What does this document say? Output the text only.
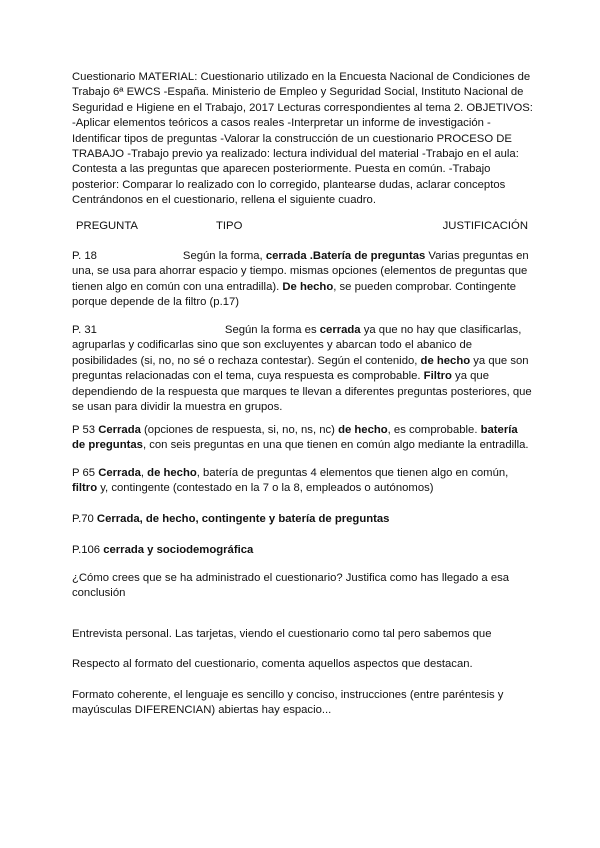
Cuestionario MATERIAL: Cuestionario utilizado en la Encuesta Nacional de Condiciones de Trabajo 6ª EWCS -España. Ministerio de Empleo y Seguridad Social, Instituto Nacional de Seguridad e Higiene en el Trabajo, 2017 Lecturas correspondientes al tema 2. OBJETIVOS: -Aplicar elementos teóricos a casos reales -Interpretar un informe de investigación -Identificar tipos de preguntas -Valorar la construcción de un cuestionario PROCESO DE TRABAJO -Trabajo previo ya realizado: lectura individual del material -Trabajo en el aula: Contesta a las preguntas que aparecen posteriormente. Puesta en común. -Trabajo posterior: Comparar lo realizado con lo corregido, plantearse dudas, aclarar conceptos Centrándonos en el cuestionario, rellena el siguiente cuadro.

PREGUNTA	TIPO	JUSTIFICACIÓN

P. 18	Según la forma, cerrada .Batería de preguntas Varias preguntas en una, se usa para ahorrar espacio y tiempo. mismas opciones (elementos de preguntas que tienen algo en común con una entradilla). De hecho, se pueden comprobar. Contingente porque depende de la filtro (p.17)

P. 31	Según la forma es cerrada ya que no hay que clasificarlas, agruparlas y codificarlas sino que son excluyentes y abarcan todo el abanico de posibilidades (si, no, no sé o rechaza contestar). Según el contenido, de hecho ya que son preguntas relacionadas con el tema, cuya respuesta es comprobable. Filtro ya que dependiendo de la respuesta que marques te llevan a diferentes preguntas posteriores, que se usan para dividir la muestra en grupos.

P 53 Cerrada (opciones de respuesta, si, no, ns, nc) de hecho, es comprobable. batería de preguntas, con seis preguntas en una que tienen en común algo mediante la entradilla.

P 65 Cerrada, de hecho, batería de preguntas 4 elementos que tienen algo en común, filtro y, contingente (contestado en la 7 o la 8, empleados o autónomos)

P.70 Cerrada, de hecho, contingente y batería de preguntas

P.106 cerrada y sociodemográfica

¿Cómo crees que se ha administrado el cuestionario? Justifica como has llegado a esa conclusión

Entrevista personal. Las tarjetas, viendo el cuestionario como tal pero sabemos que

Respecto al formato del cuestionario, comenta aquellos aspectos que destacan.

Formato coherente, el lenguaje es sencillo y conciso, instrucciones (entre paréntesis y mayúsculas DIFERENCIAN) abiertas hay espacio...
